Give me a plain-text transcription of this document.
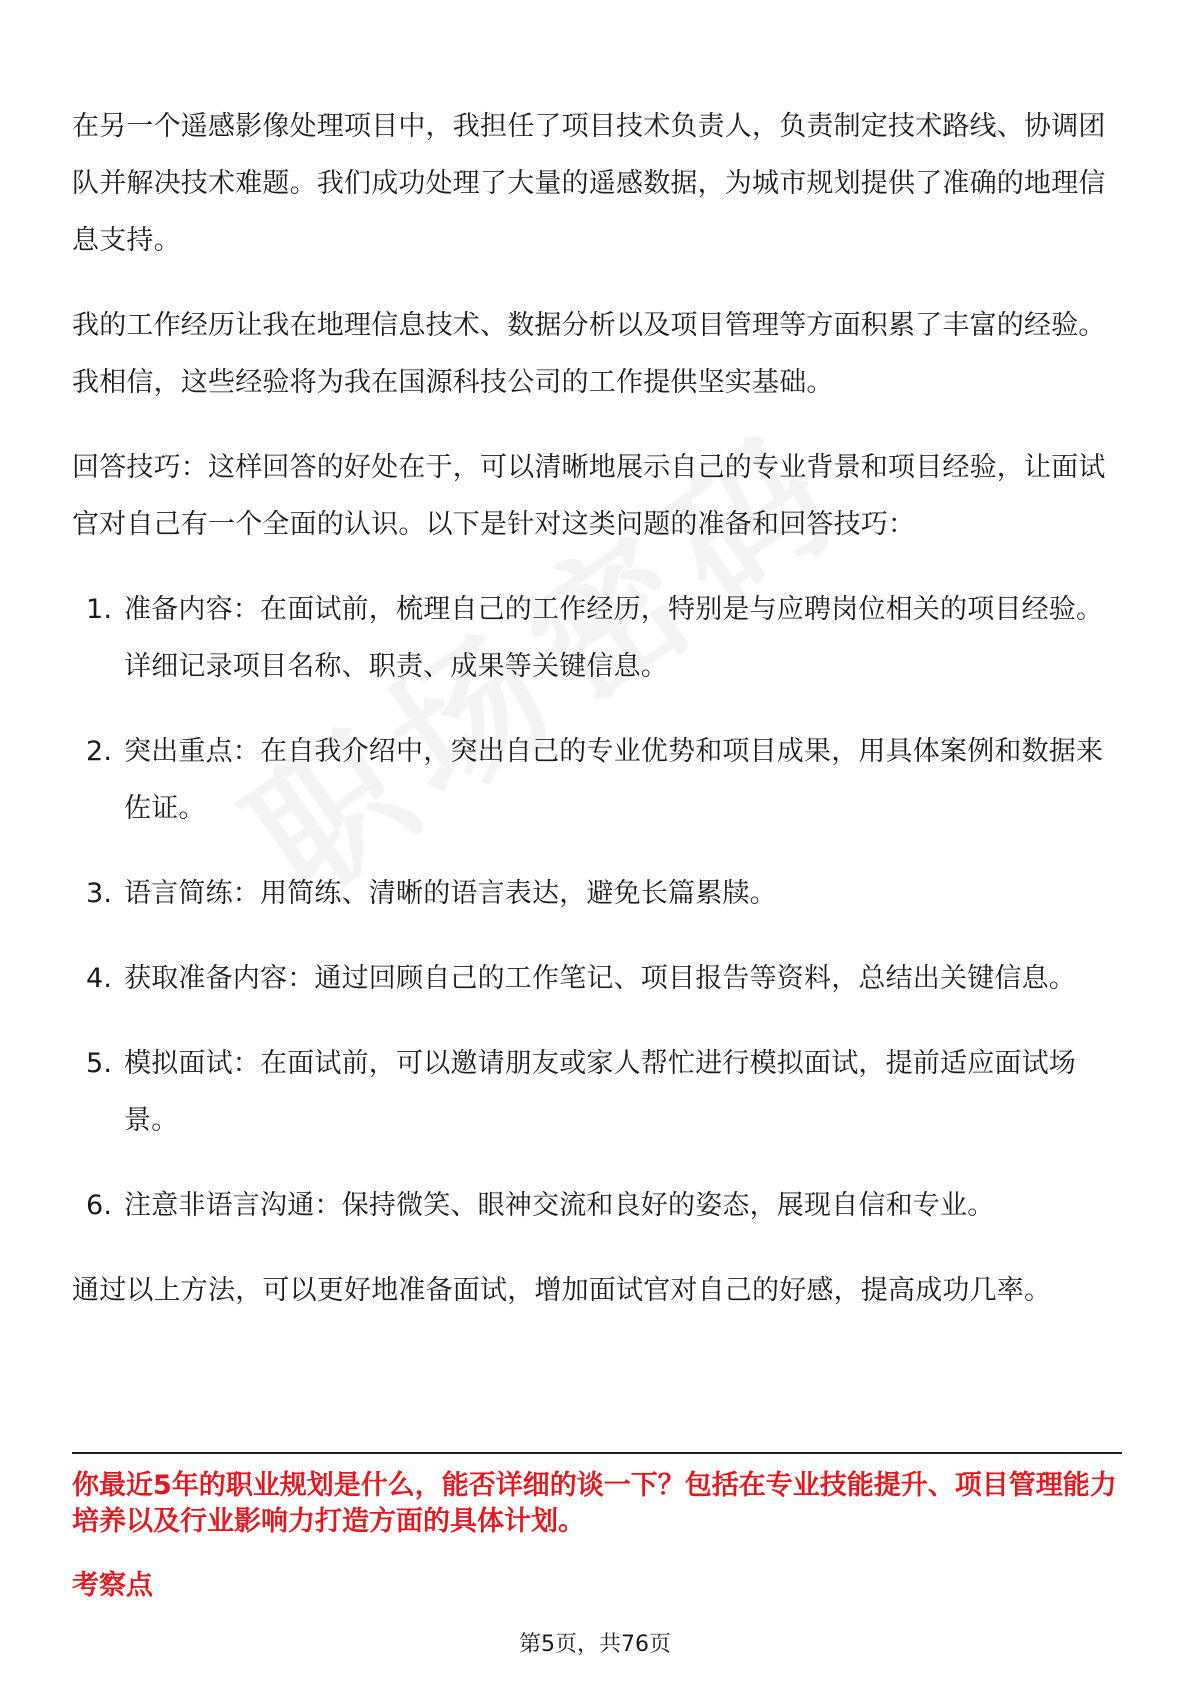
在另一个遥感影像处理项目中，我担任了项目技术负责人，负责制定技术路线、协调团队并解决技术难题。我们成功处理了大量的遥感数据，为城市规划提供了准确的地理信息支持。

我的工作经历让我在地理信息技术、数据分析以及项目管理等方面积累了丰富的经验。我相信，这些经验将为我在国源科技公司的工作提供坚实基础。

回答技巧：这样回答的好处在于，可以清晰地展示自己的专业背景和项目经验，让面试官对自己有一个全面的认识。以下是针对这类问题的准备和回答技巧：

1. 准备内容：在面试前，梳理自己的工作经历，特别是与应聘岗位相关的项目经验。详细记录项目名称、职责、成果等关键信息。
2. 突出重点：在自我介绍中，突出自己的专业优势和项目成果，用具体案例和数据来佐证。
3. 语言简练：用简练、清晰的语言表达，避免长篇累牍。
4. 获取准备内容：通过回顾自己的工作笔记、项目报告等资料，总结出关键信息。
5. 模拟面试：在面试前，可以邀请朋友或家人帮忙进行模拟面试，提前适应面试场景。
6. 注意非语言沟通：保持微笑、眼神交流和良好的姿态，展现自信和专业。

通过以上方法，可以更好地准备面试，增加面试官对自己的好感，提高成功几率。

你最近5年的职业规划是什么，能否详细的谈一下？包括在专业技能提升、项目管理能力培养以及行业影响力打造方面的具体计划。
考察点
第5页，共76页
